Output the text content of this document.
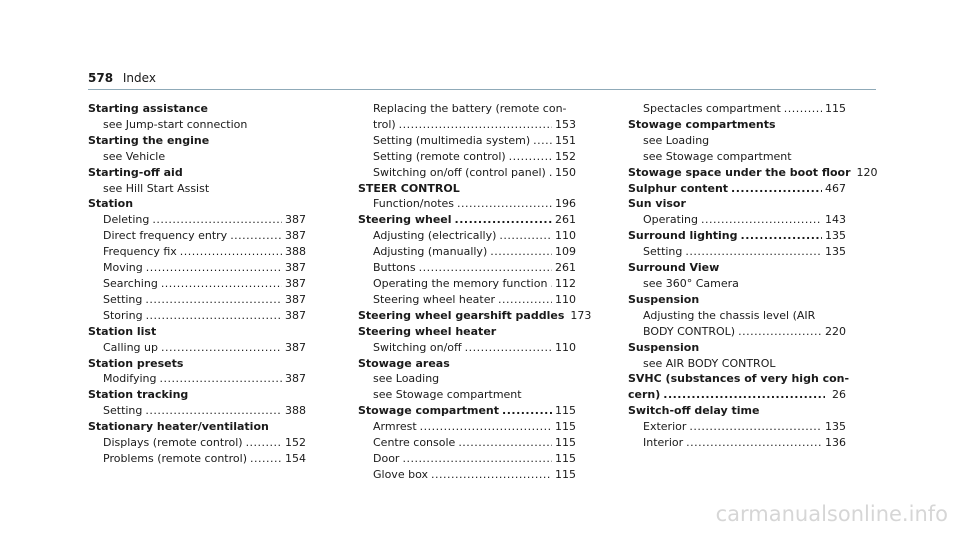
578 Index
Starting assistance
see Jump-start connection
Starting the engine
see Vehicle
Starting-off aid
see Hill Start Assist
Station
Deleting .....	387
Direct frequency entry .....	387
Frequency fix .....	388
Moving .....	387
Searching .....	387
Setting .....	387
Storing .....	387
Station list
Calling up .....	387
Station presets
Modifying .....	387
Station tracking
Setting .....	388
Stationary heater/ventilation
Displays (remote control) .....	152
Problems (remote control) .....	154
Replacing the battery (remote con-
trol) .....	153
Setting (multimedia system) ..... 151
Setting (remote control) .....	152
Switching on/off (control panel) ..... 150
STEER CONTROL
Function/notes .....	196
Steering wheel .....	261
Adjusting (electrically) .....	110
Adjusting (manually) .....	109
Buttons .....	261
Operating the memory function ..... 112
Steering wheel heater .....	110
Steering wheel gearshift paddles 173
Steering wheel heater
Switching on/off .....	110
Stowage areas
see Loading
see Stowage compartment
Stowage compartment .....	115
Armrest .....	115
Centre console .....	115
Door .....	115
Glove box .....	115
Spectacles compartment .....	115
Stowage compartments
see Loading
see Stowage compartment
Stowage space under the boot floor 120
Sulphur content .....	467
Sun visor
Operating .....	143
Surround lighting .....	135
Setting .....	135
Surround View
see 360° Camera
Suspension
Adjusting the chassis level (AIR
BODY CONTROL) .....	220
Suspension
see AIR BODY CONTROL
SVHC (substances of very high con-
cern) .....	26
Switch-off delay time
Exterior .....	135
Interior .....	136
carmanualsonline.info
